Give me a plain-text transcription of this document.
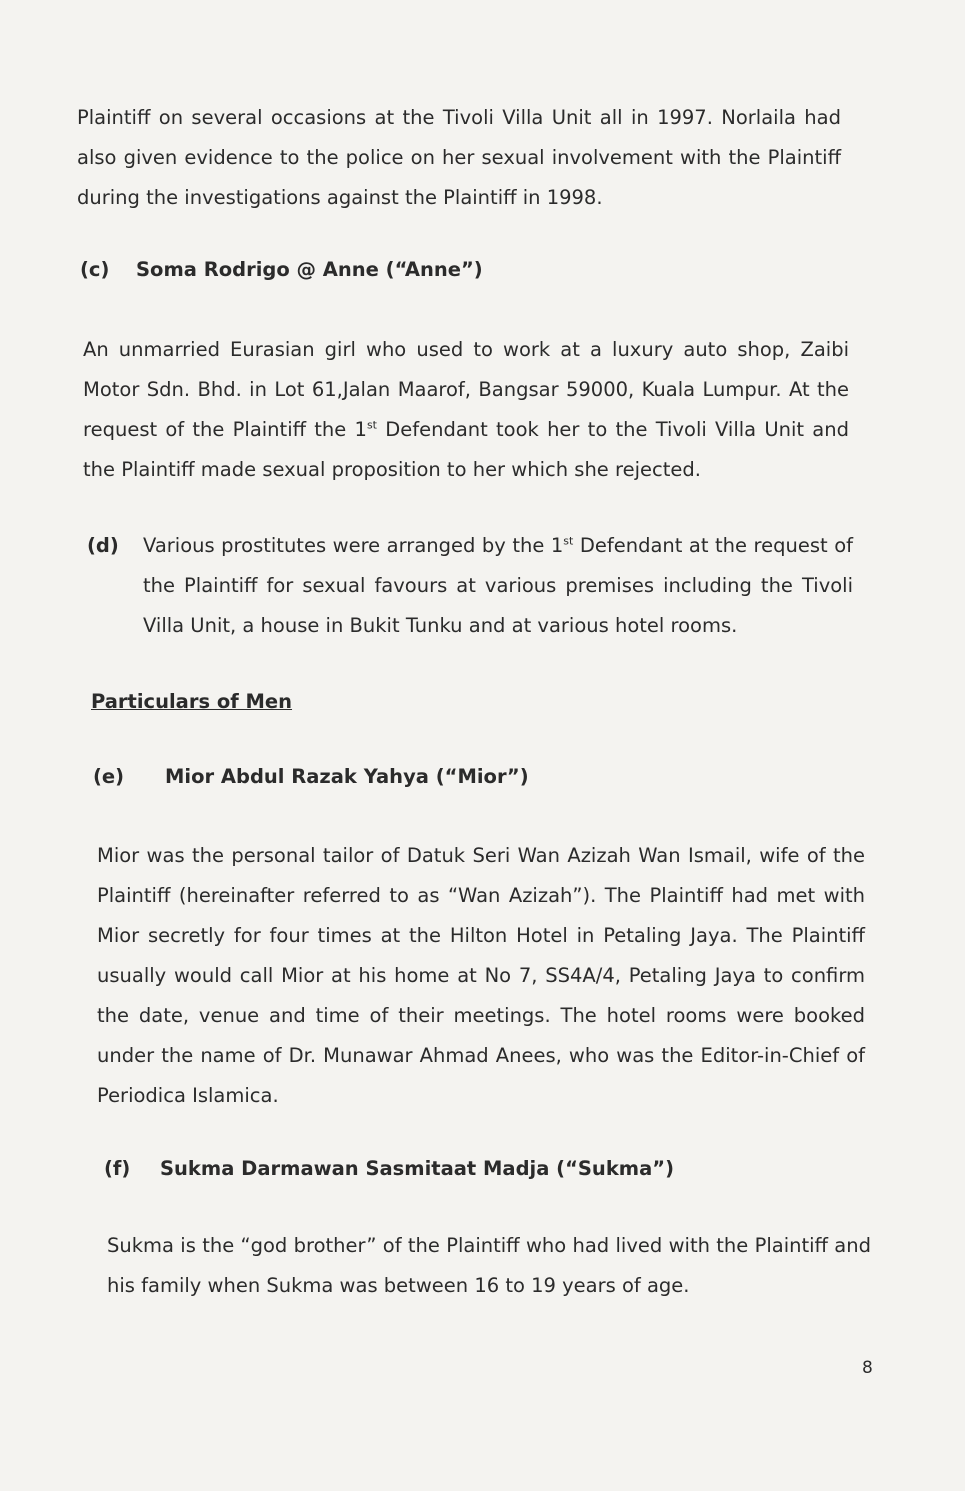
Plaintiff on several occasions at the Tivoli Villa Unit all in 1997. Norlaila had also given evidence to the police on her sexual involvement with the Plaintiff during the investigations against the Plaintiff in 1998.

(c) Soma Rodrigo @ Anne (“Anne”)

An unmarried Eurasian girl who used to work at a luxury auto shop, Zaibi Motor Sdn. Bhd. in Lot 61,Jalan Maarof, Bangsar 59000, Kuala Lumpur. At the request of the Plaintiff the 1st Defendant took her to the Tivoli Villa Unit and the Plaintiff made sexual proposition to her which she rejected.

(d)	Various prostitutes were arranged by the 1st Defendant at the request of the Plaintiff for sexual favours at various premises including the Tivoli Villa Unit, a house in Bukit Tunku and at various hotel rooms.

Particulars of Men

(e) Mior Abdul Razak Yahya (“Mior”)

Mior was the personal tailor of Datuk Seri Wan Azizah Wan Ismail, wife of the Plaintiff (hereinafter referred to as “Wan Azizah”). The Plaintiff had met with Mior secretly for four times at the Hilton Hotel in Petaling Jaya. The Plaintiff usually would call Mior at his home at No 7, SS4A/4, Petaling Jaya to confirm the date, venue and time of their meetings. The hotel rooms were booked under the name of Dr. Munawar Ahmad Anees, who was the Editor-in-Chief of Periodica Islamica.

(f) Sukma Darmawan Sasmitaat Madja (“Sukma”)

Sukma is the “god brother” of the Plaintiff who had lived with the Plaintiff and his family when Sukma was between 16 to 19 years of age.

8
